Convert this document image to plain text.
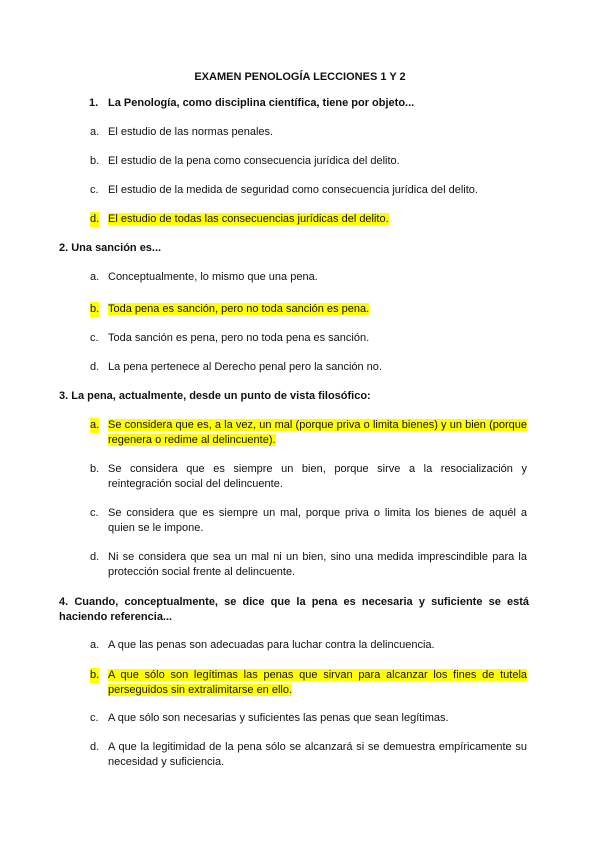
EXAMEN PENOLOGÍA LECCIONES 1 Y 2
1. La Penología, como disciplina científica, tiene por objeto...
a. El estudio de las normas penales.
b. El estudio de la pena como consecuencia jurídica del delito.
c. El estudio de la medida de seguridad como consecuencia jurídica del delito.
d. El estudio de todas las consecuencias jurídicas del delito.
2. Una sanción es...
a. Conceptualmente, lo mismo que una pena.
b. Toda pena es sanción, pero no toda sanción es pena.
c. Toda sanción es pena, pero no toda pena es sanción.
d. La pena pertenece al Derecho penal pero la sanción no.
3. La pena, actualmente, desde un punto de vista filosófico:
a. Se considera que es, a la vez, un mal (porque priva o limita bienes) y un bien (porque regenera o redime al delincuente).
b. Se considera que es siempre un bien, porque sirve a la resocialización y reintegración social del delincuente.
c. Se considera que es siempre un mal, porque priva o limita los bienes de aquél a quien se le impone.
d. Ni se considera que sea un mal ni un bien, sino una medida imprescindible para la protección social frente al delincuente.
4. Cuando, conceptualmente, se dice que la pena es necesaria y suficiente se está haciendo referencia...
a. A que las penas son adecuadas para luchar contra la delincuencia.
b. A que sólo son legítimas las penas que sirvan para alcanzar los fines de tutela perseguidos sin extralimitarse en ello.
c. A que sólo son necesarias y suficientes las penas que sean legítimas.
d. A que la legitimidad de la pena sólo se alcanzará si se demuestra empíricamente su necesidad y suficiencia.
